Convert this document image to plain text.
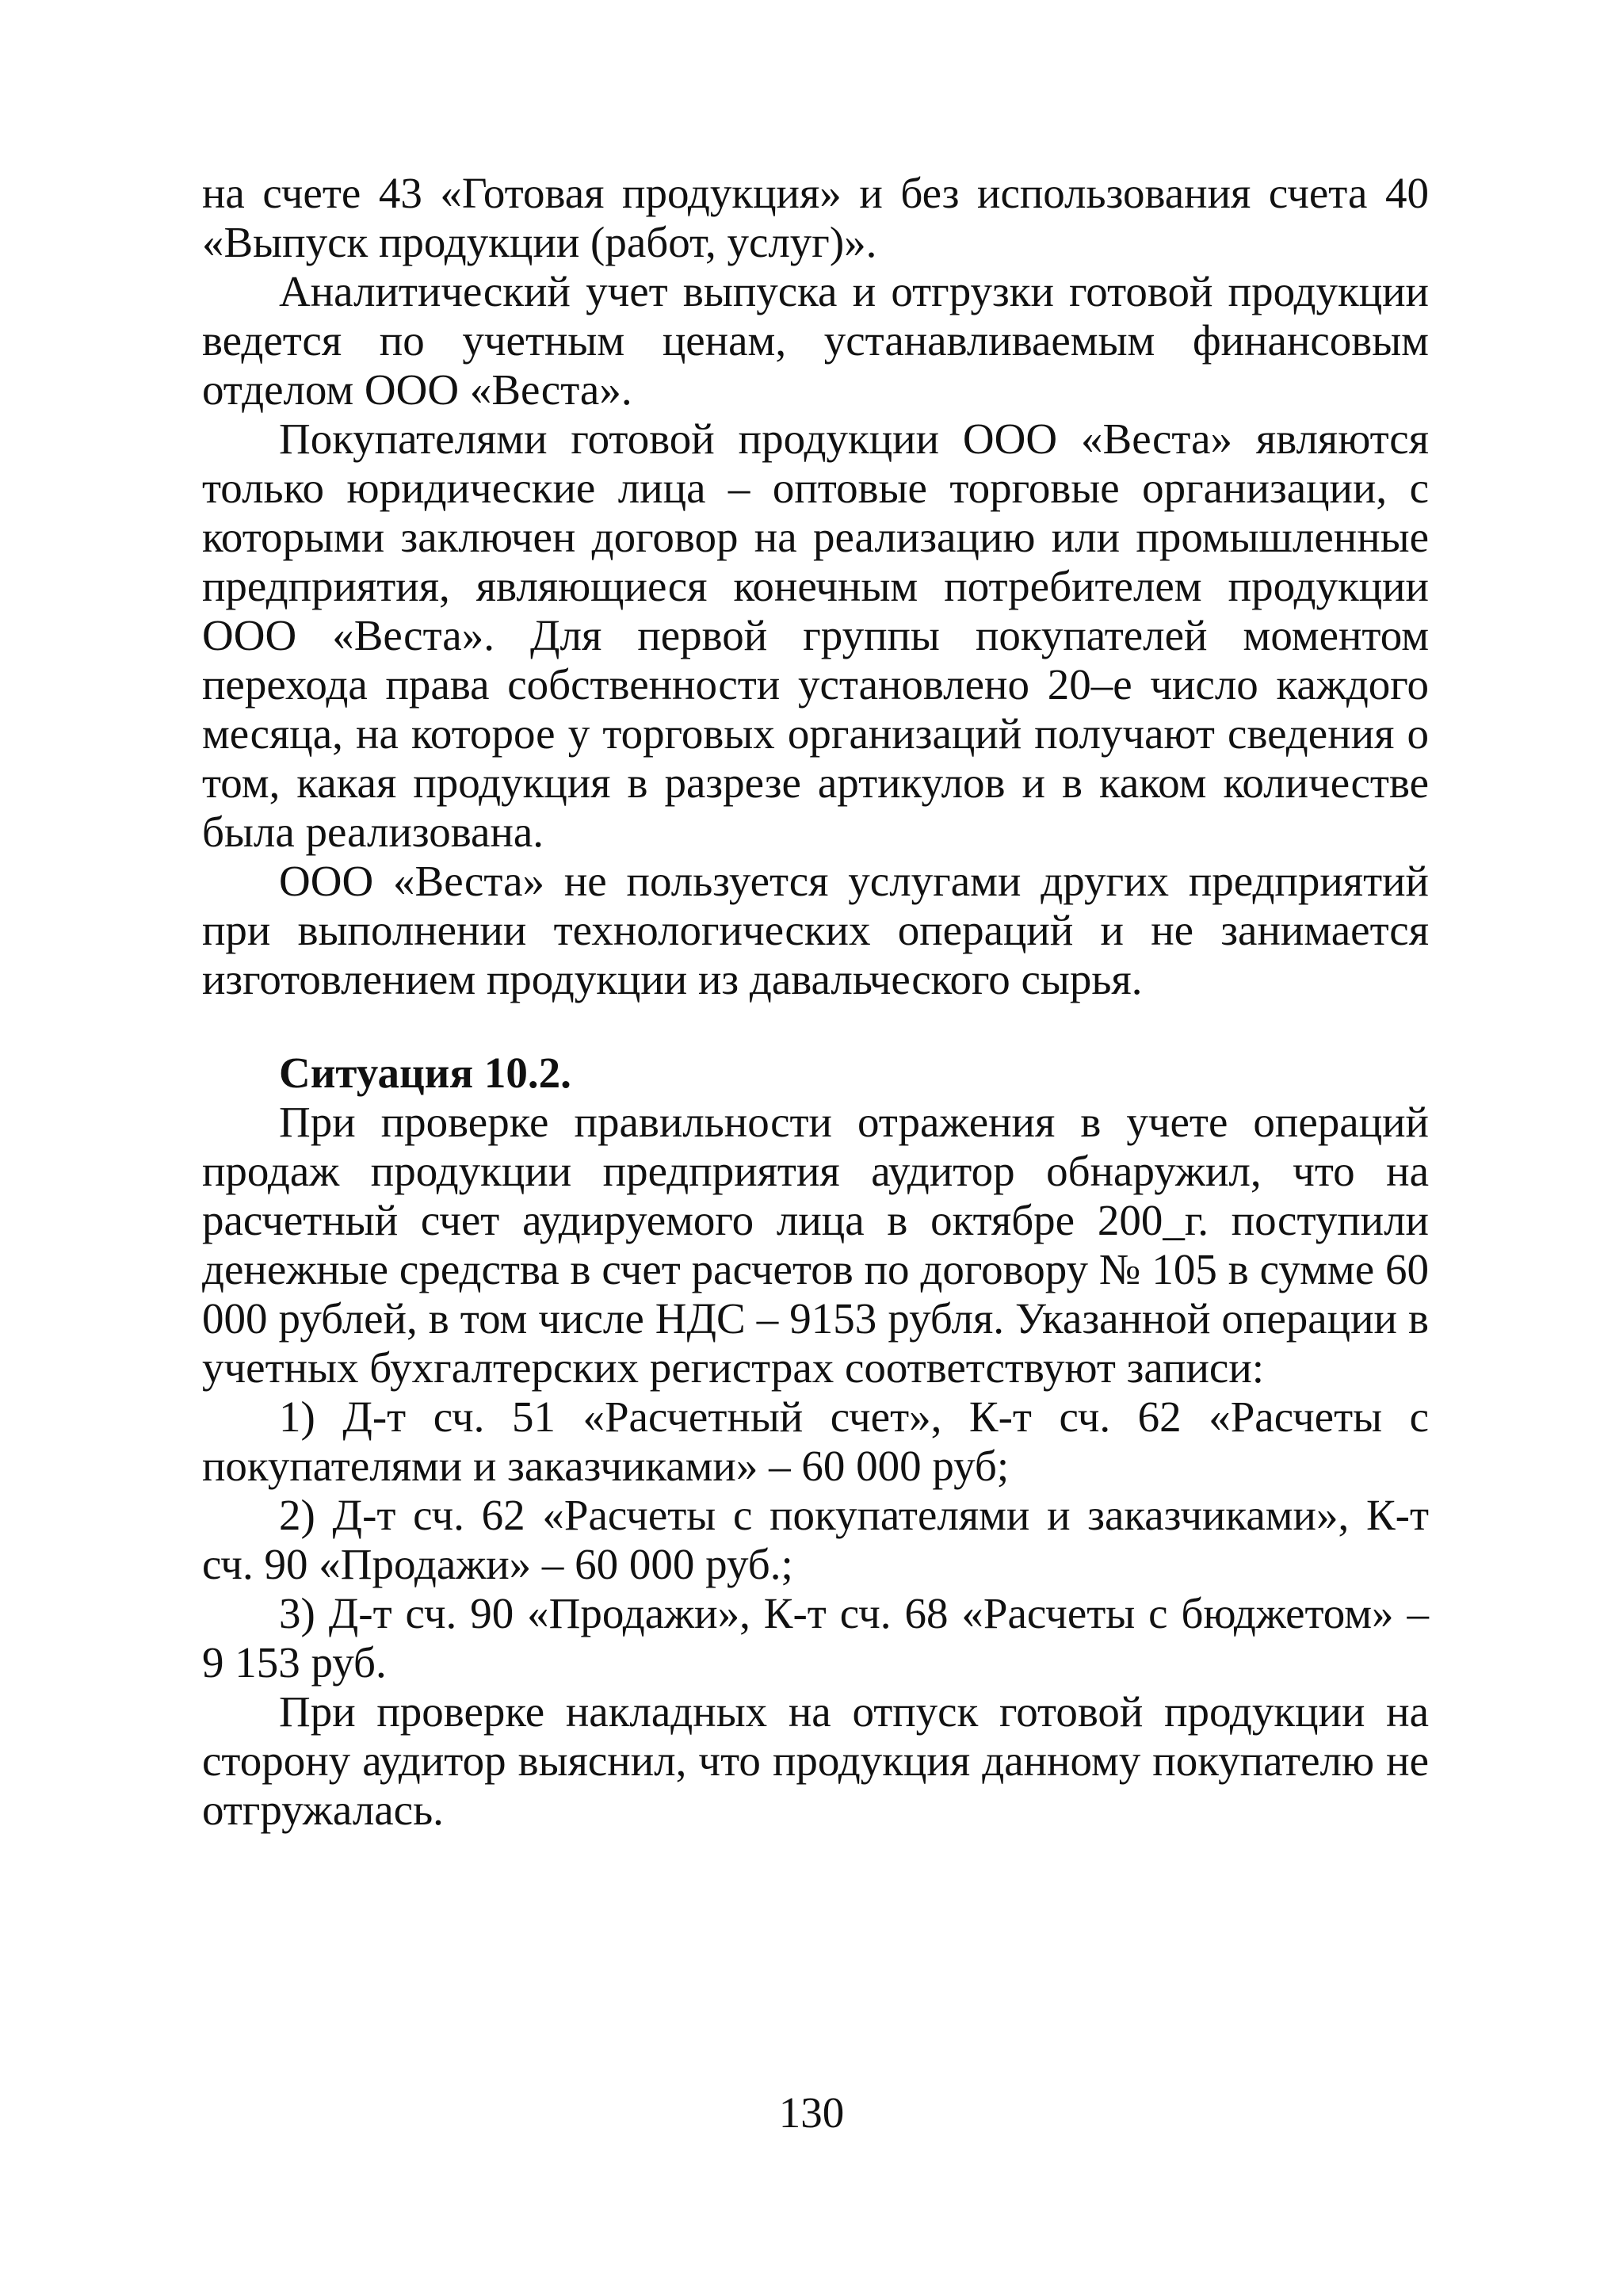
на счете 43 «Готовая продукция» и без использования счета 40 «Выпуск продукции (работ, услуг)».

Аналитический учет выпуска и отгрузки готовой продукции ведется по учетным ценам, устанавливаемым финансовым отделом ООО «Веста».

Покупателями готовой продукции ООО «Веста» являются только юридические лица – оптовые торговые организации, с которыми заключен договор на реализацию или промышленные предприятия, являющиеся конечным потребителем продукции ООО «Веста». Для первой группы покупателей моментом перехода права собственности установлено 20–е число каждого месяца, на которое у торговых организаций получают сведения о том, какая продукция в разрезе артикулов и в каком количестве была реализована.

ООО «Веста» не пользуется услугами других предприятий при выполнении технологических операций и не занимается изготовлением продукции из давальческого сырья.

Ситуация 10.2.

При проверке правильности отражения в учете операций продаж продукции предприятия аудитор обнаружил, что на расчетный счет аудируемого лица в октябре 200_г. поступили денежные средства в счет расчетов по договору № 105 в сумме 60 000 рублей, в том числе НДС – 9153 рубля. Указанной операции в учетных бухгалтерских регистрах соответствуют записи:

1) Д-т сч. 51 «Расчетный счет», К-т сч. 62 «Расчеты с покупателями и заказчиками» – 60 000 руб;

2) Д-т сч. 62 «Расчеты с покупателями и заказчиками», К-т сч. 90 «Продажи» – 60 000 руб.;

3) Д-т сч. 90 «Продажи», К-т сч. 68 «Расчеты с бюджетом» – 9 153 руб.

При проверке накладных на отпуск готовой продукции на сторону аудитор выяснил, что продукция данному покупателю не отгружалась.

130
